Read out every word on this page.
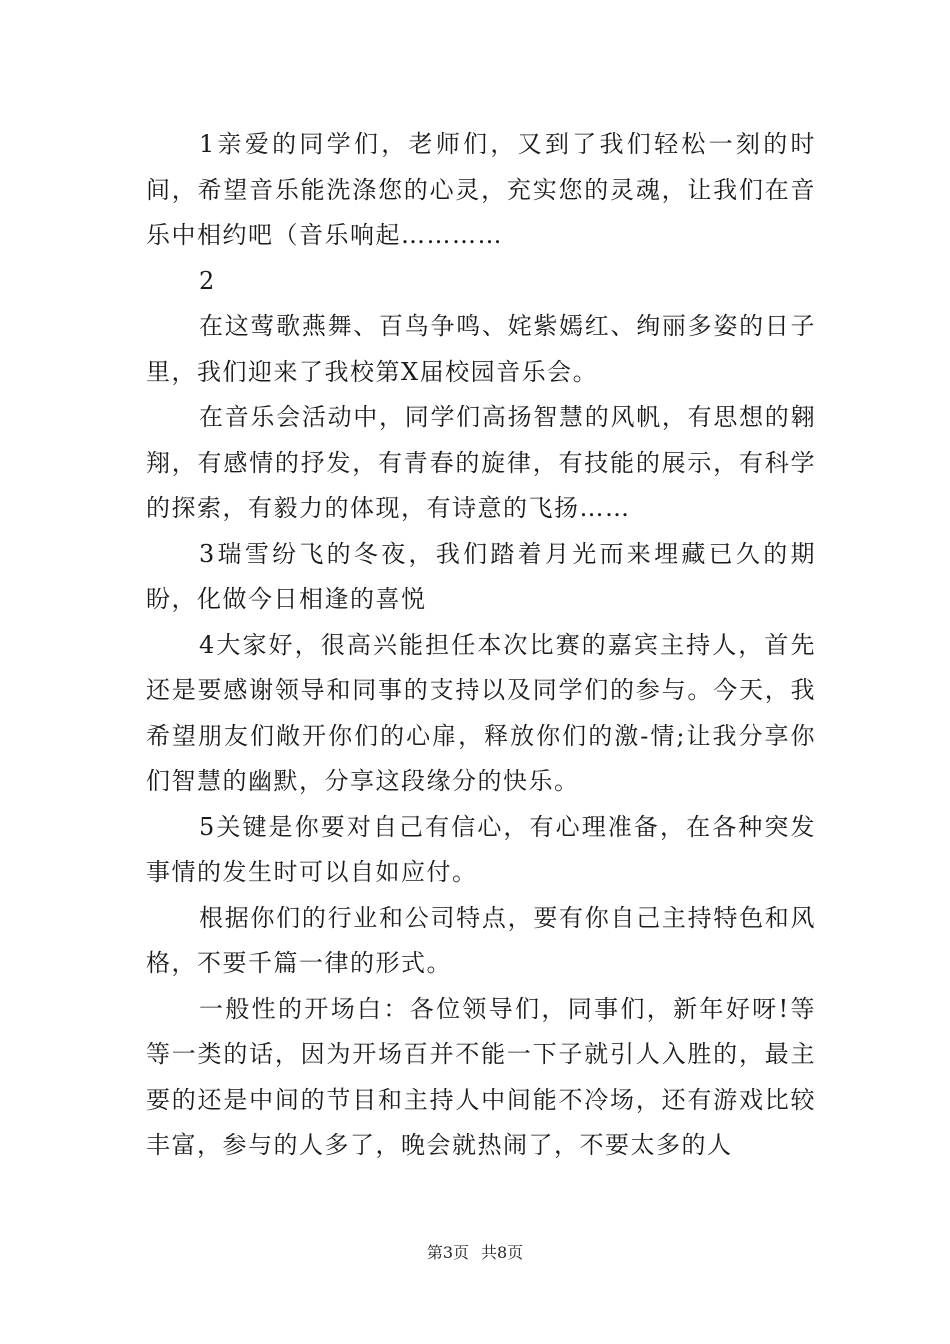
1亲爱的同学们，老师们，又到了我们轻松一刻的时间，希望音乐能洗涤您的心灵，充实您的灵魂，让我们在音乐中相约吧（音乐响起…………

2

在这莺歌燕舞、百鸟争鸣、姹紫嫣红、绚丽多姿的日子里，我们迎来了我校第X届校园音乐会。

在音乐会活动中，同学们高扬智慧的风帆，有思想的翱翔，有感情的抒发，有青春的旋律，有技能的展示，有科学的探索，有毅力的体现，有诗意的飞扬……

3瑞雪纷飞的冬夜，我们踏着月光而来埋藏已久的期盼，化做今日相逢的喜悦

4大家好，很高兴能担任本次比赛的嘉宾主持人，首先还是要感谢领导和同事的支持以及同学们的参与。今天，我希望朋友们敞开你们的心扉，释放你们的激-情;让我分享你们智慧的幽默，分享这段缘分的快乐。

5关键是你要对自己有信心，有心理准备，在各种突发事情的发生时可以自如应付。

根据你们的行业和公司特点，要有你自己主持特色和风格，不要千篇一律的形式。

一般性的开场白：各位领导们，同事们，新年好呀!等等一类的话，因为开场百并不能一下子就引人入胜的，最主要的还是中间的节目和主持人中间能不冷场，还有游戏比较丰富，参与的人多了，晚会就热闹了，不要太多的人

第3页 共8页
